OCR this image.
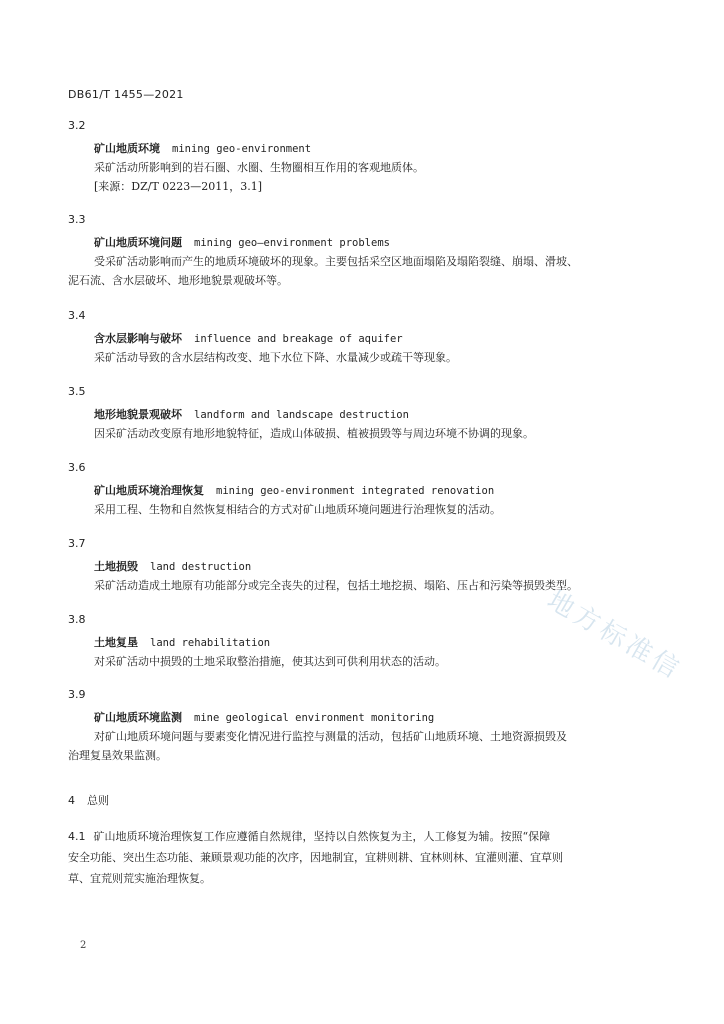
DB61/T 1455—2021
3.2
矿山地质环境 mining geo-environment
采矿活动所影响到的岩石圈、水圈、生物圈相互作用的客观地质体。
[来源：DZ/T 0223—2011，3.1]
3.3
矿山地质环境问题 mining geo—environment problems
受采矿活动影响而产生的地质环境破坏的现象。主要包括采空区地面塌陷及塌陷裂缝、崩塌、滑坡、
泥石流、含水层破坏、地形地貌景观破坏等。
3.4
含水层影响与破坏 influence and breakage of aquifer
采矿活动导致的含水层结构改变、地下水位下降、水量减少或疏干等现象。
3.5
地形地貌景观破坏 landform and landscape destruction
因采矿活动改变原有地形地貌特征，造成山体破损、植被损毁等与周边环境不协调的现象。
3.6
矿山地质环境治理恢复 mining geo-environment integrated renovation
采用工程、生物和自然恢复相结合的方式对矿山地质环境问题进行治理恢复的活动。
3.7
土地损毁 land destruction
采矿活动造成土地原有功能部分或完全丧失的过程，包括土地挖损、塌陷、压占和污染等损毁类型。
3.8
土地复垦 land rehabilitation
对采矿活动中损毁的土地采取整治措施，使其达到可供利用状态的活动。
3.9
矿山地质环境监测 mine geological environment monitoring
对矿山地质环境问题与要素变化情况进行监控与测量的活动，包括矿山地质环境、土地资源损毁及
治理复垦效果监测。
4 总则
4.1 矿山地质环境治理恢复工作应遵循自然规律，坚持以自然恢复为主，人工修复为辅。按照“保障
安全功能、突出生态功能、兼顾景观功能的次序，因地制宜，宜耕则耕、宜林则林、宜灌则灌、宜草则
草、宜荒则荒实施治理恢复。
2
地方标准信
